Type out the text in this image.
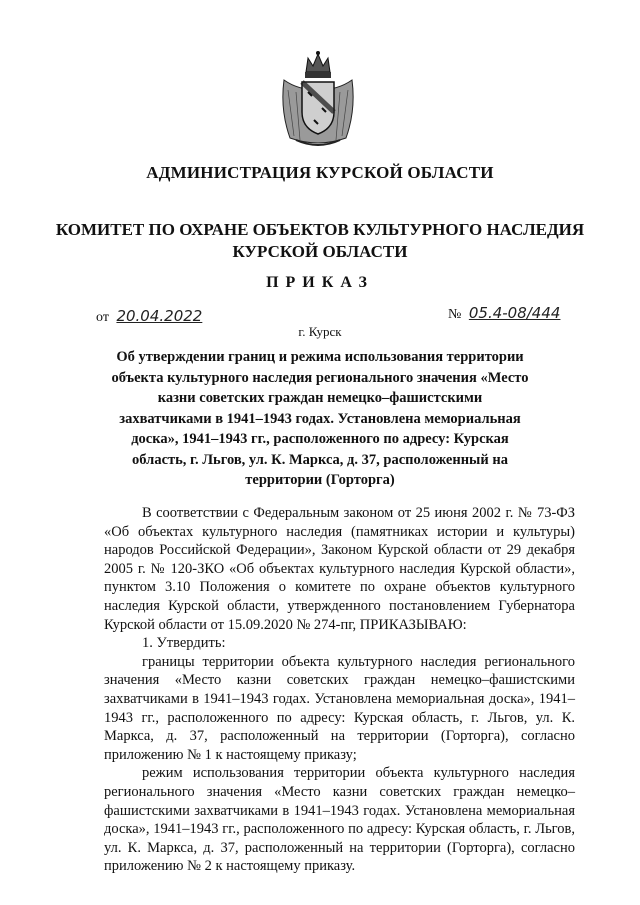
АДМИНИСТРАЦИЯ КУРСКОЙ ОБЛАСТИ
КОМИТЕТ ПО ОХРАНЕ ОБЪЕКТОВ КУЛЬТУРНОГО НАСЛЕДИЯ
КУРСКОЙ ОБЛАСТИ
ПРИКАЗ
от 20.04.2022	№ 05.4-08/444
г. Курск
Об утверждении границ и режима использования территории объекта культурного наследия регионального значения «Место казни советских граждан немецко–фашистскими захватчиками в 1941–1943 годах. Установлена мемориальная доска», 1941–1943 гг., расположенного по адресу: Курская область, г. Льгов, ул. К. Маркса, д. 37, расположенный на территории (Горторга)

В соответствии с Федеральным законом от 25 июня 2002 г. № 73-ФЗ «Об объектах культурного наследия (памятниках истории и культуры) народов Российской Федерации», Законом Курской области от 29 декабря 2005 г. № 120-ЗКО «Об объектах культурного наследия Курской области», пунктом 3.10 Положения о комитете по охране объектов культурного наследия Курской области, утвержденного постановлением Губернатора Курской области от 15.09.2020 № 274-пг, ПРИКАЗЫВАЮ:

1. Утвердить:

границы территории объекта культурного наследия регионального значения «Место казни советских граждан немецко–фашистскими захватчиками в 1941–1943 годах. Установлена мемориальная доска», 1941–1943 гг., расположенного по адресу: Курская область, г. Льгов, ул. К. Маркса, д. 37, расположенный на территории (Горторга), согласно приложению № 1 к настоящему приказу;

режим использования территории объекта культурного наследия регионального значения «Место казни советских граждан немецко–фашистскими захватчиками в 1941–1943 годах. Установлена мемориальная доска», 1941–1943 гг., расположенного по адресу: Курская область, г. Льгов, ул. К. Маркса, д. 37, расположенный на территории (Горторга), согласно приложению № 2 к настоящему приказу.
